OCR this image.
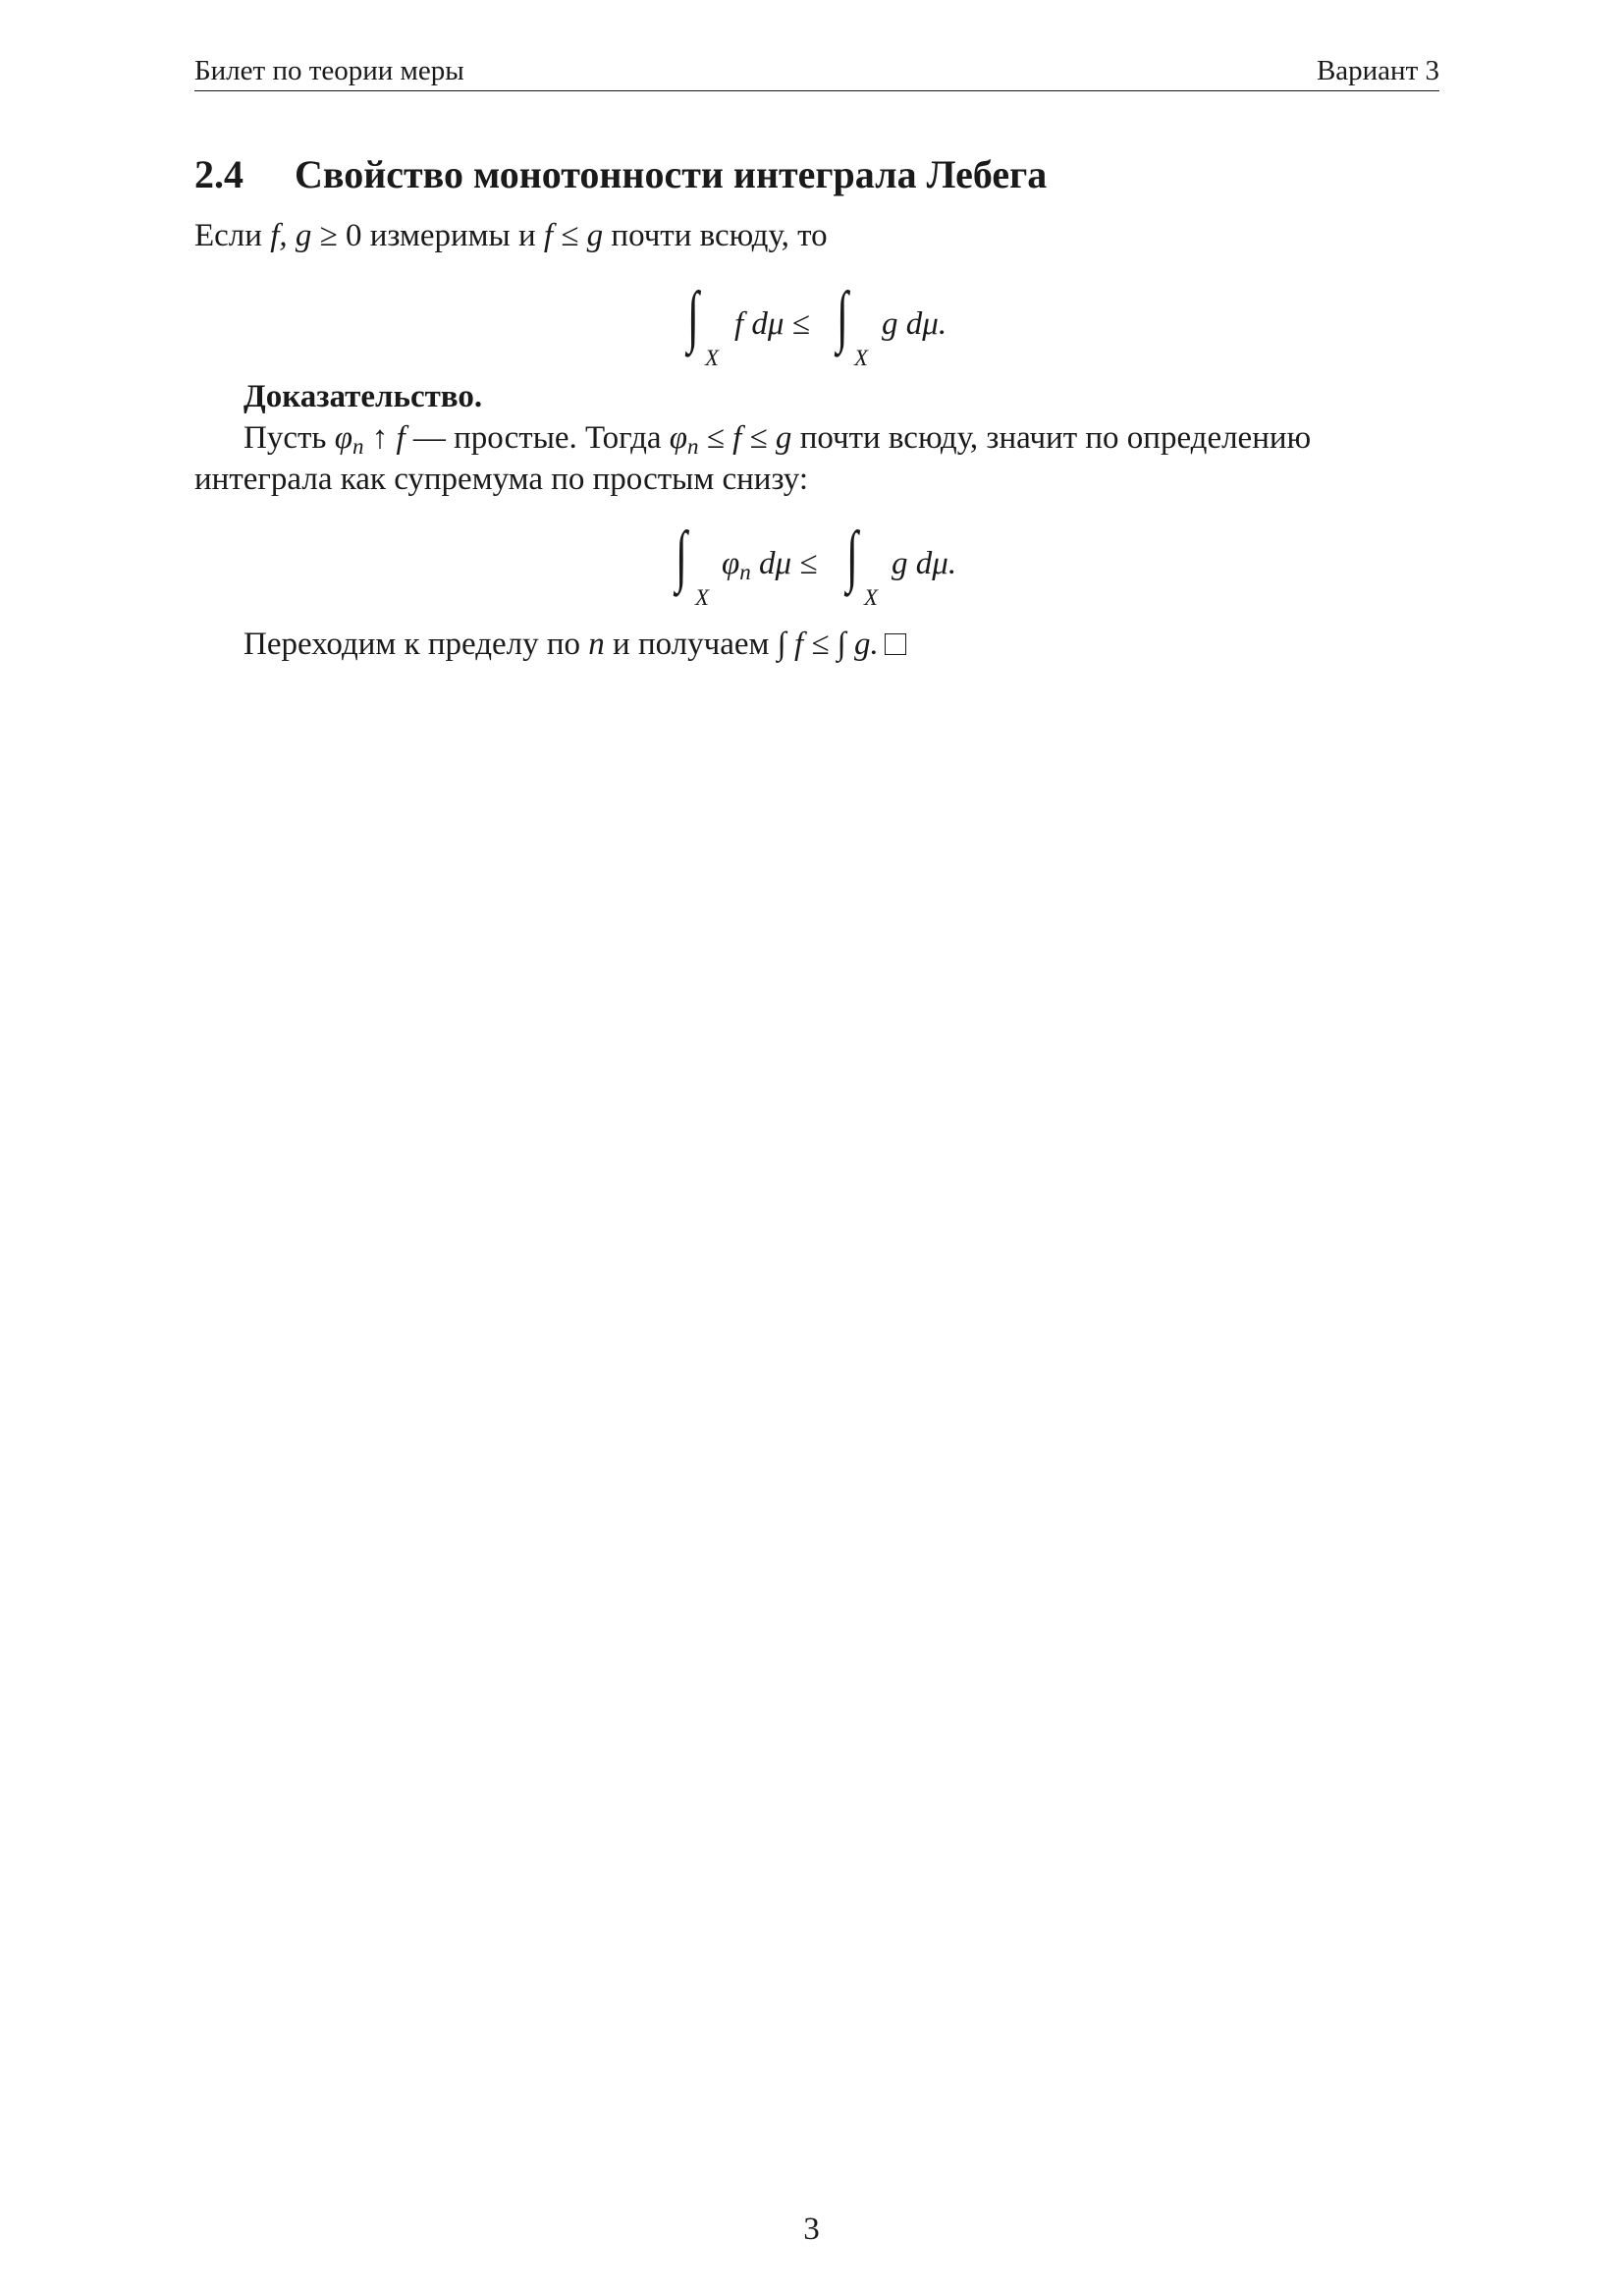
Билет по теории меры	Вариант 3
2.4 Свойство монотонности интеграла Лебега
Если f, g ≥ 0 измеримы и f ≤ g почти всюду, то
∫
X
f dμ ≤ ∫
X
g dμ.
Доказательство.
Пусть φn ↑ f — простые. Тогда φn ≤ f ≤ g почти всюду, значит по определению
интеграла как супремума по простым снизу:
∫
X
φn dμ ≤ ∫
X
g dμ.
Переходим к пределу по n и получаем ∫ f ≤ ∫ g.
3
